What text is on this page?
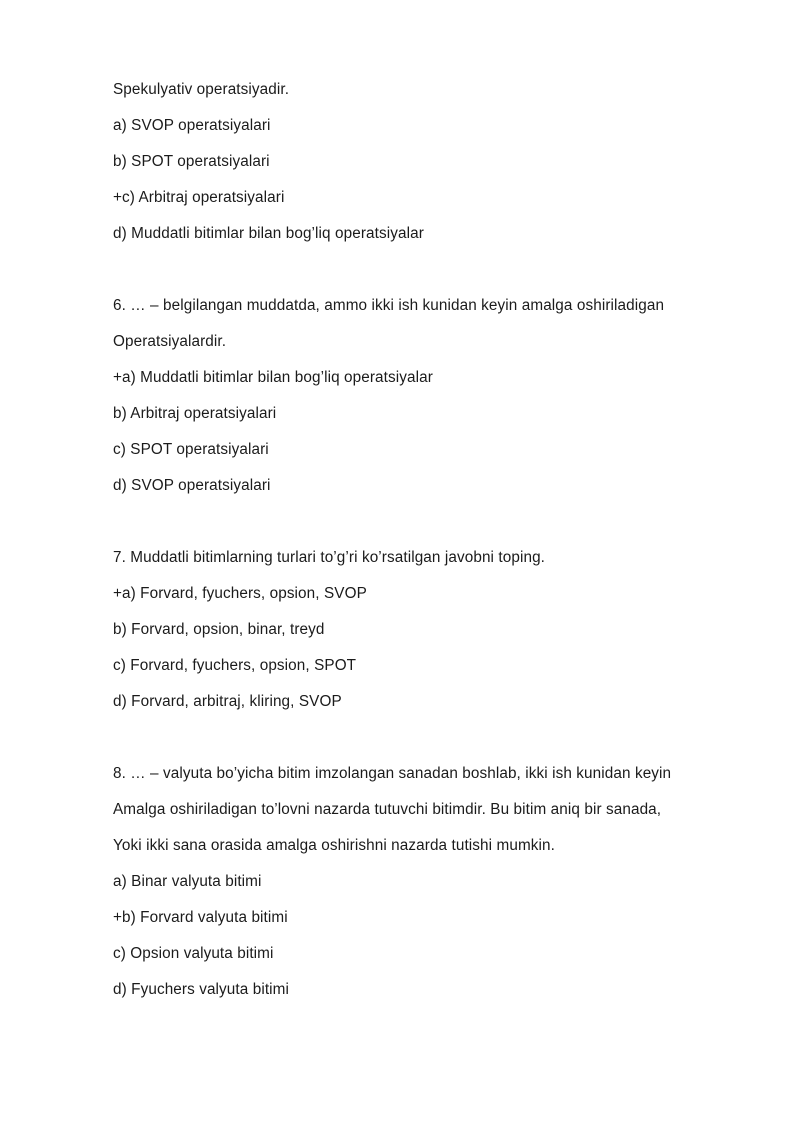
Spekulyativ operatsiyadir.
a) SVOP operatsiyalari
b) SPOT operatsiyalari
+c) Arbitraj operatsiyalari
d) Muddatli bitimlar bilan bog’liq operatsiyalar
6. … – belgilangan muddatda, ammo ikki ish kunidan keyin amalga oshiriladigan
Operatsiyalardir.
+a) Muddatli bitimlar bilan bog’liq operatsiyalar
b) Arbitraj operatsiyalari
c) SPOT operatsiyalari
d) SVOP operatsiyalari
7. Muddatli bitimlarning turlari to’g’ri ko’rsatilgan javobni toping.
+a) Forvard, fyuchers, opsion, SVOP
b) Forvard, opsion, binar, treyd
c) Forvard, fyuchers, opsion, SPOT
d) Forvard, arbitraj, kliring, SVOP
8. … – valyuta bo’yicha bitim imzolangan sanadan boshlab, ikki ish kunidan keyin
Amalga oshiriladigan to’lovni nazarda tutuvchi bitimdir. Bu bitim aniq bir sanada,
Yoki ikki sana orasida amalga oshirishni nazarda tutishi mumkin.
a) Binar valyuta bitimi
+b) Forvard valyuta bitimi
c) Opsion valyuta bitimi
d) Fyuchers valyuta bitimi
